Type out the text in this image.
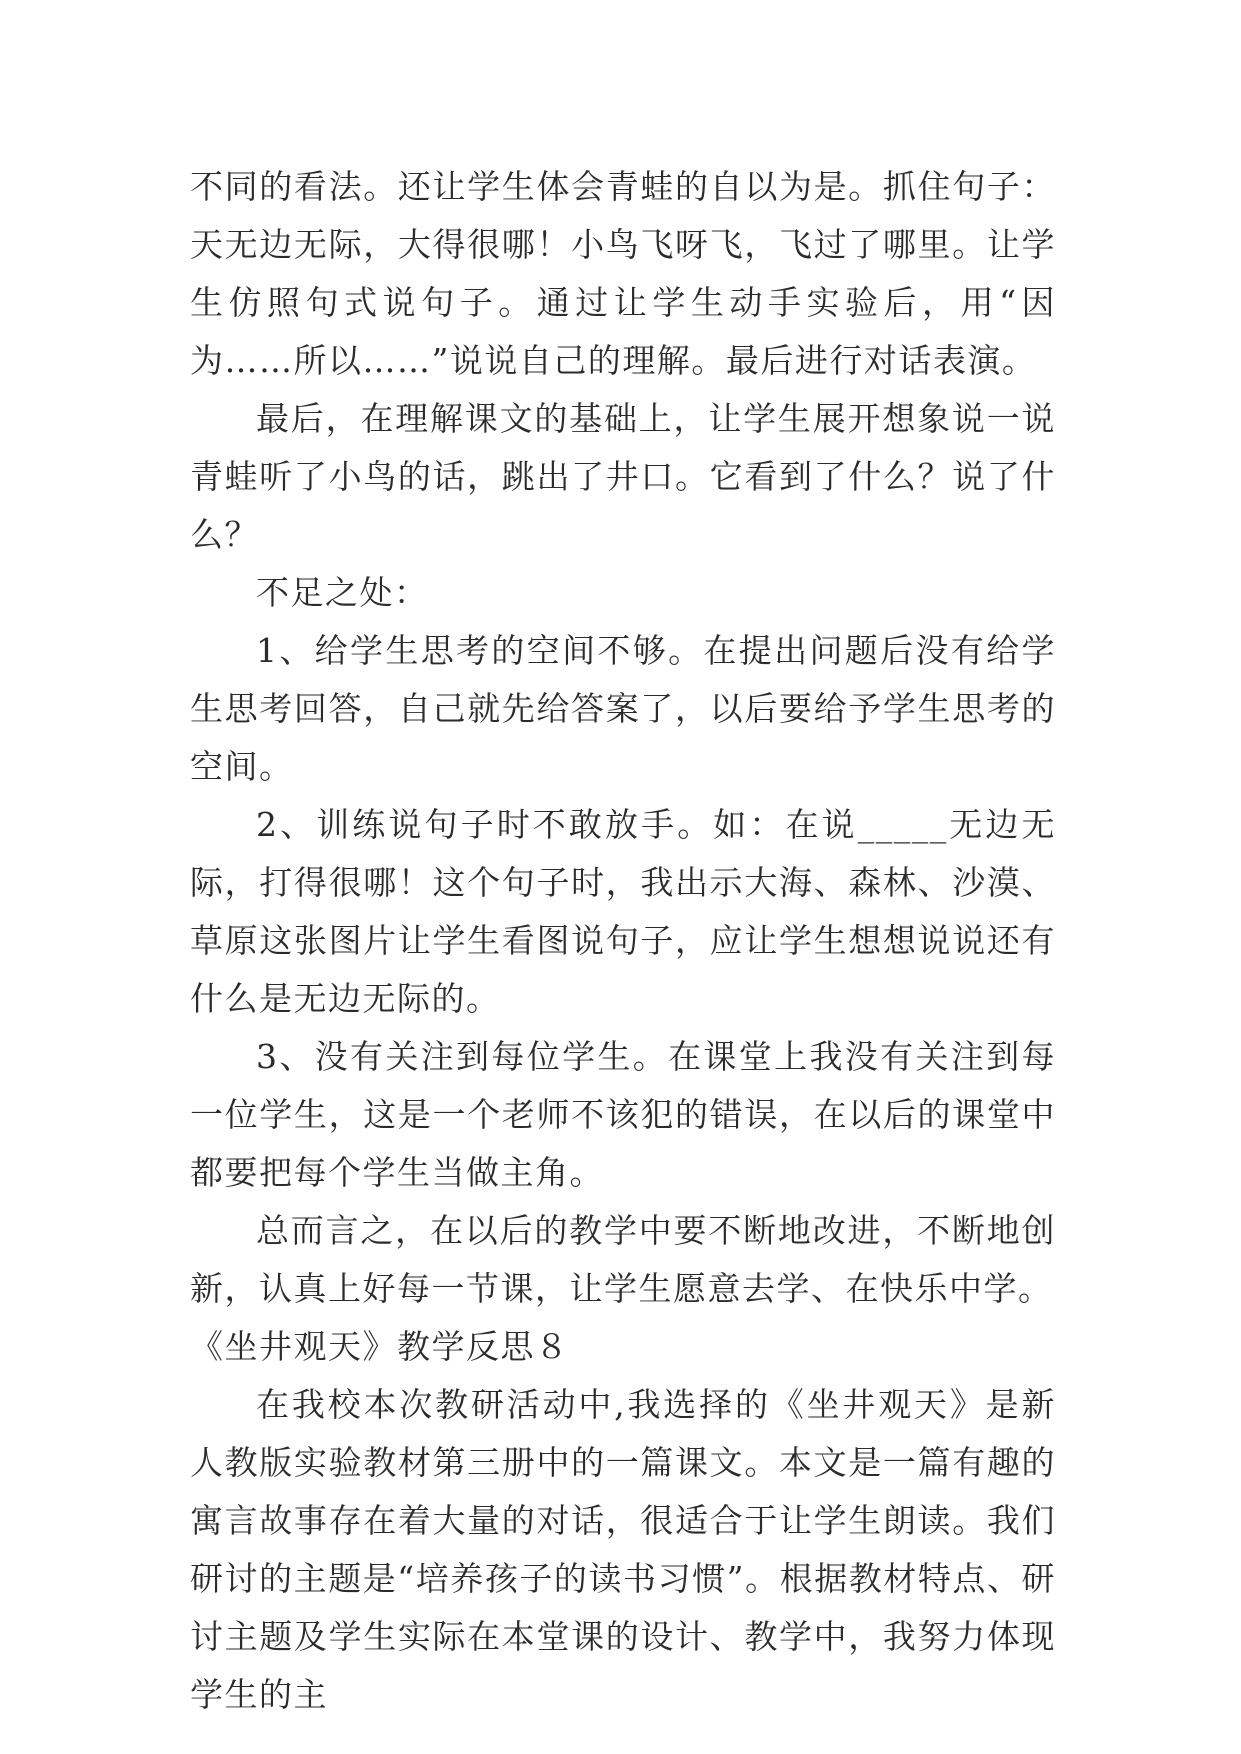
不同的看法。还让学生体会青蛙的自以为是。抓住句子：天无边无际，大得很哪！小鸟飞呀飞，飞过了哪里。让学生仿照句式说句子。通过让学生动手实验后，用“因为……所以……”说说自己的理解。最后进行对话表演。

最后，在理解课文的基础上，让学生展开想象说一说青蛙听了小鸟的话，跳出了井口。它看到了什么？说了什么？

不足之处：

1、给学生思考的空间不够。在提出问题后没有给学生思考回答，自己就先给答案了，以后要给予学生思考的空间。

2、训练说句子时不敢放手。如：在说_____无边无际，打得很哪！这个句子时，我出示大海、森林、沙漠、草原这张图片让学生看图说句子，应让学生想想说说还有什么是无边无际的。

3、没有关注到每位学生。在课堂上我没有关注到每一位学生，这是一个老师不该犯的错误，在以后的课堂中都要把每个学生当做主角。

总而言之，在以后的教学中要不断地改进，不断地创新，认真上好每一节课，让学生愿意去学、在快乐中学。

《坐井观天》教学反思８

在我校本次教研活动中,我选择的《坐井观天》是新人教版实验教材第三册中的一篇课文。本文是一篇有趣的寓言故事存在着大量的对话，很适合于让学生朗读。我们研讨的主题是“培养孩子的读书习惯”。根据教材特点、研讨主题及学生实际在本堂课的设计、教学中，我努力体现学生的主
